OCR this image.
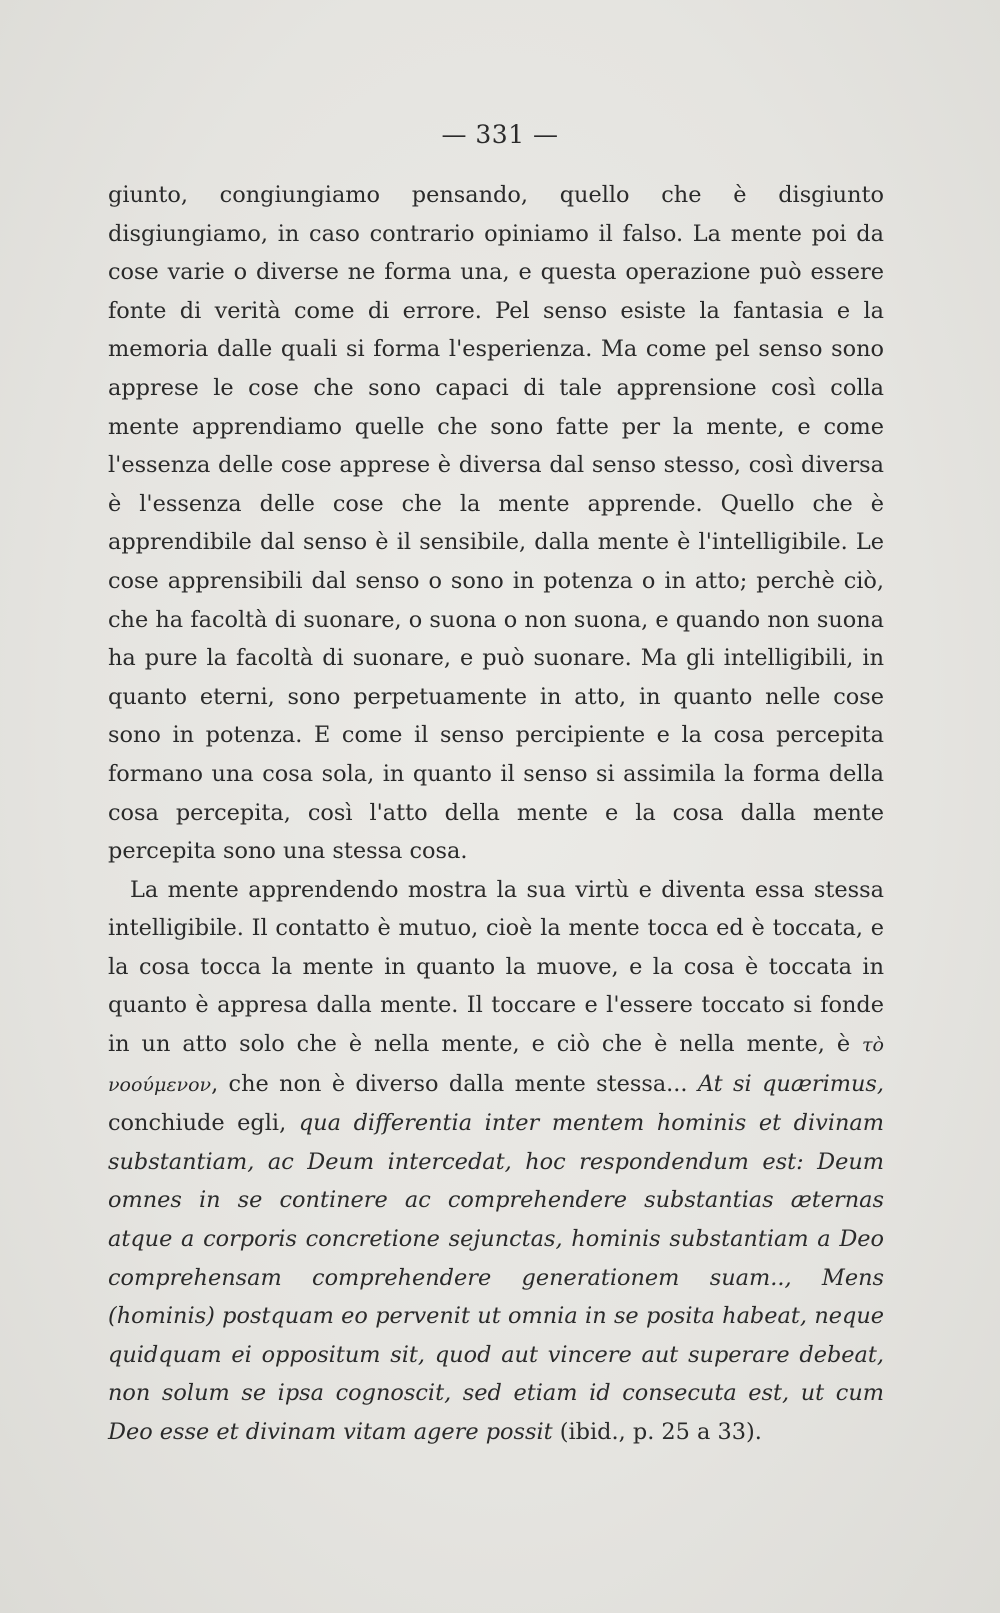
— 331 —

giunto, congiungiamo pensando, quello che è disgiunto disgiungiamo, in caso contrario opiniamo il falso. La mente poi da cose varie o diverse ne forma una, e questa operazione può essere fonte di verità come di errore. Pel senso esiste la fantasia e la memoria dalle quali si forma l'esperienza. Ma come pel senso sono apprese le cose che sono capaci di tale apprensione così colla mente apprendiamo quelle che sono fatte per la mente, e come l'essenza delle cose apprese è diversa dal senso stesso, così diversa è l'essenza delle cose che la mente apprende. Quello che è apprendibile dal senso è il sensibile, dalla mente è l'intelligibile. Le cose apprensibili dal senso o sono in potenza o in atto; perchè ciò, che ha facoltà di suonare, o suona o non suona, e quando non suona ha pure la facoltà di suonare, e può suonare. Ma gli intelligibili, in quanto eterni, sono perpetuamente in atto, in quanto nelle cose sono in potenza. E come il senso percipiente e la cosa percepita formano una cosa sola, in quanto il senso si assimila la forma della cosa percepita, così l'atto della mente e la cosa dalla mente percepita sono una stessa cosa.

La mente apprendendo mostra la sua virtù e diventa essa stessa intelligibile. Il contatto è mutuo, cioè la mente tocca ed è toccata, e la cosa tocca la mente in quanto la muove, e la cosa è toccata in quanto è appresa dalla mente. Il toccare e l'essere toccato si fonde in un atto solo che è nella mente, e ciò che è nella mente, è τὸ νοούμενον, che non è diverso dalla mente stessa... At si quærimus, conchiude egli, qua differentia inter mentem hominis et divinam substantiam, ac Deum intercedat, hoc respondendum est: Deum omnes in se continere ac comprehendere substantias æternas atque a corporis concretione sejunctas, hominis substantiam a Deo comprehensam comprehendere generationem suam.., Mens (hominis) postquam eo pervenit ut omnia in se posita habeat, neque quidquam ei oppositum sit, quod aut vincere aut superare debeat, non solum se ipsa cognoscit, sed etiam id consecuta est, ut cum Deo esse et divinam vitam agere possit (ibid., p. 25 a 33).
